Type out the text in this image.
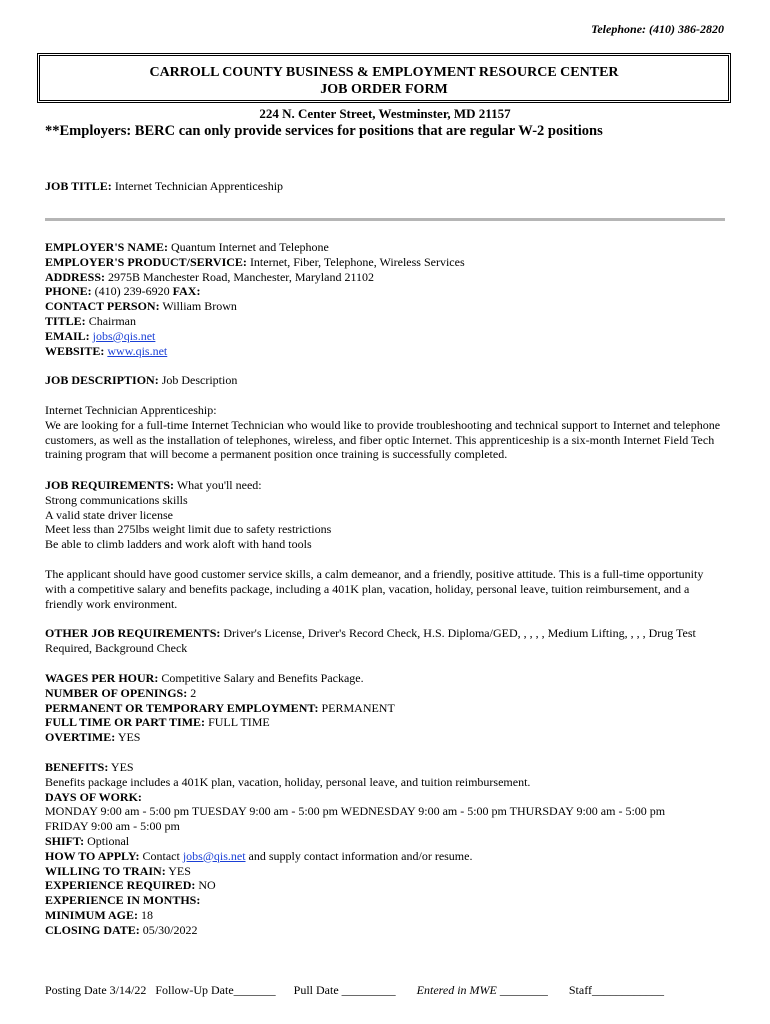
Telephone: (410) 386-2820
CARROLL COUNTY BUSINESS & EMPLOYMENT RESOURCE CENTER
JOB ORDER FORM
224 N. Center Street, Westminster, MD 21157
**Employers: BERC can only provide services for positions that are regular W-2 positions
JOB TITLE: Internet Technician Apprenticeship
EMPLOYER'S NAME: Quantum Internet and Telephone
EMPLOYER'S PRODUCT/SERVICE: Internet, Fiber, Telephone, Wireless Services
ADDRESS: 2975B Manchester Road, Manchester, Maryland 21102
PHONE: (410) 239-6920 FAX:
CONTACT PERSON: William Brown
TITLE: Chairman
EMAIL: jobs@qis.net
WEBSITE: www.qis.net
JOB DESCRIPTION: Job Description
Internet Technician Apprenticeship:
We are looking for a full-time Internet Technician who would like to provide troubleshooting and technical support to Internet and telephone customers, as well as the installation of telephones, wireless, and fiber optic Internet. This apprenticeship is a six-month Internet Field Tech training program that will become a permanent position once training is successfully completed.
JOB REQUIREMENTS: What you'll need:
Strong communications skills
A valid state driver license
Meet less than 275lbs weight limit due to safety restrictions
Be able to climb ladders and work aloft with hand tools
The applicant should have good customer service skills, a calm demeanor, and a friendly, positive attitude. This is a full-time opportunity with a competitive salary and benefits package, including a 401K plan, vacation, holiday, personal leave, tuition reimbursement, and a friendly work environment.
OTHER JOB REQUIREMENTS: Driver's License, Driver's Record Check, H.S. Diploma/GED, , , , , Medium Lifting, , , , Drug Test Required, Background Check
WAGES PER HOUR: Competitive Salary and Benefits Package.
NUMBER OF OPENINGS: 2
PERMANENT OR TEMPORARY EMPLOYMENT: PERMANENT
FULL TIME OR PART TIME: FULL TIME
OVERTIME: YES
BENEFITS: YES
Benefits package includes a 401K plan, vacation, holiday, personal leave, and tuition reimbursement.
DAYS OF WORK:
MONDAY 9:00 am - 5:00 pm TUESDAY 9:00 am - 5:00 pm WEDNESDAY 9:00 am - 5:00 pm THURSDAY 9:00 am - 5:00 pm
FRIDAY 9:00 am - 5:00 pm
SHIFT: Optional
HOW TO APPLY: Contact jobs@qis.net and supply contact information and/or resume.
WILLING TO TRAIN: YES
EXPERIENCE REQUIRED: NO
EXPERIENCE IN MONTHS:
MINIMUM AGE: 18
CLOSING DATE: 05/30/2022
Posting Date 3/14/22 Follow-Up Date_______ Pull Date _________ Entered in MWE ________ Staff____________
